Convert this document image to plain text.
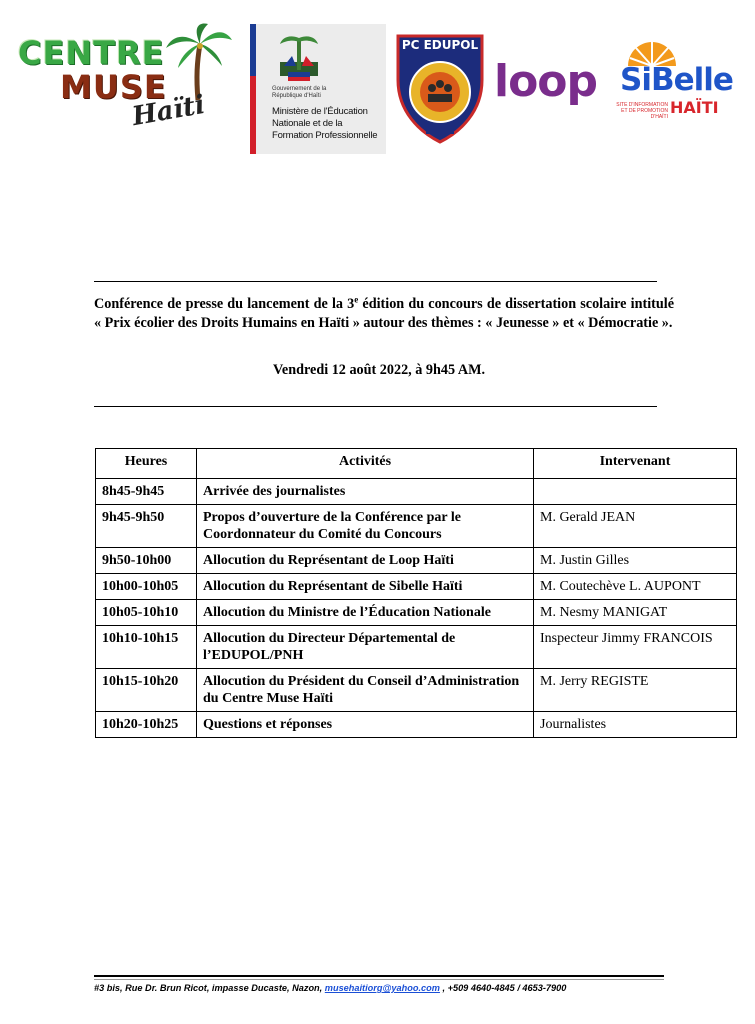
CENTRE
MUSE
Haïti
Gouvernement de la
République d'Haïti
Ministère de l'Éducation
Nationale et de la
Formation Professionnelle
PC EDUPOL
loop SiBelle
SITE D'INFORMATION
ET DE PROMOTION D'HAÏTI HAÏTI
Conférence de presse du lancement de la 3e édition du concours de dissertation scolaire intitulé « Prix écolier des Droits Humains en Haïti » autour des thèmes : « Jeunesse » et « Démocratie ».
Vendredi 12 août 2022, à 9h45 AM.
Heures	Activités	Intervenant
8h45-9h45	Arrivée des journalistes	
9h45-9h50	Propos d’ouverture de la Conférence par le Coordonnateur du Comité du Concours	M. Gerald JEAN
9h50-10h00	Allocution du Représentant de Loop Haïti	M. Justin Gilles
10h00-10h05	Allocution du Représentant de Sibelle Haïti	M. Coutechève L. AUPONT
10h05-10h10	Allocution du Ministre de l’Éducation Nationale	M. Nesmy MANIGAT
10h10-10h15	Allocution du Directeur Départemental de l’EDUPOL/PNH	Inspecteur Jimmy FRANCOIS
10h15-10h20	Allocution du Président du Conseil d’Administration du Centre Muse Haïti	M. Jerry REGISTE
10h20-10h25	Questions et réponses	Journalistes
#3 bis, Rue Dr. Brun Ricot, impasse Ducaste, Nazon, musehaitiorg@yahoo.com , +509 4640-4845 / 4653-7900
